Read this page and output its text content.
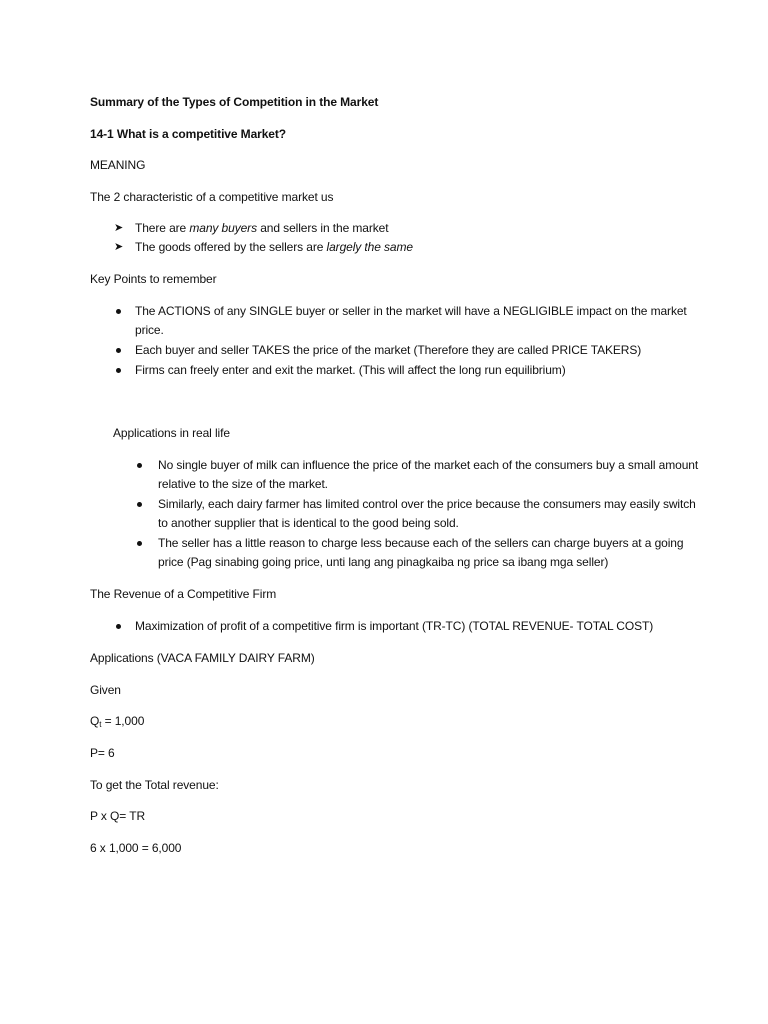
Summary of the Types of Competition in the Market
14-1 What is a competitive Market?
MEANING
The 2 characteristic of a competitive market us
➤ There are many buyers and sellers in the market
➤ The goods offered by the sellers are largely the same
Key Points to remember
The ACTIONS of any SINGLE buyer or seller in the market will have a NEGLIGIBLE impact on the market
price.
Each buyer and seller TAKES the price of the market (Therefore they are called PRICE TAKERS)
Firms can freely enter and exit the market. (This will affect the long run equilibrium)
Applications in real life
No single buyer of milk can influence the price of the market each of the consumers buy a small amount
relative to the size of the market.
Similarly, each dairy farmer has limited control over the price because the consumers may easily switch
to another supplier that is identical to the good being sold.
The seller has a little reason to charge less because each of the sellers can charge buyers at a going
price (Pag sinabing going price, unti lang ang pinagkaiba ng price sa ibang mga seller)
The Revenue of a Competitive Firm
Maximization of profit of a competitive firm is important (TR-TC) (TOTAL REVENUE- TOTAL COST)
Applications (VACA FAMILY DAIRY FARM)
Given
$Q_t = 1,000$
P= 6
To get the Total revenue:
P x Q= TR
6 x 1,000 = 6,000
